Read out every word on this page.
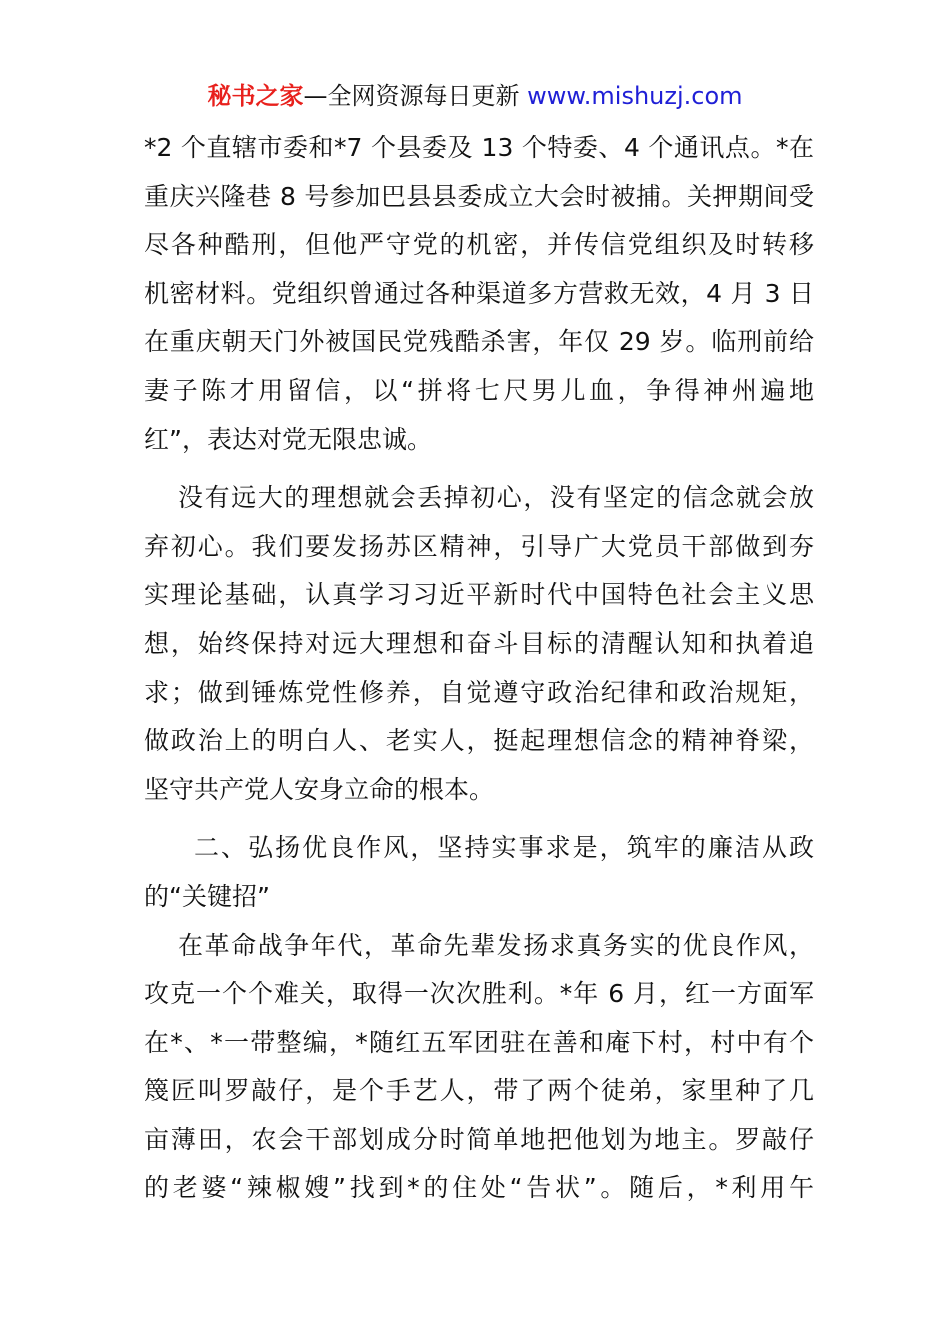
秘书之家—全网资源每日更新 www.mishuzj.com
*2 个直辖市委和*7 个县委及 13 个特委、4 个通讯点。*在
重庆兴隆巷 8 号参加巴县县委成立大会时被捕。关押期间受
尽各种酷刑，但他严守党的机密，并传信党组织及时转移
机密材料。党组织曾通过各种渠道多方营救无效，4 月 3 日
在重庆朝天门外被国民党残酷杀害，年仅 29 岁。临刑前给
妻子陈才用留信，以“拼将七尺男儿血，争得神州遍地
红”，表达对党无限忠诚。
没有远大的理想就会丢掉初心，没有坚定的信念就会放
弃初心。我们要发扬苏区精神，引导广大党员干部做到夯
实理论基础，认真学习习近平新时代中国特色社会主义思
想，始终保持对远大理想和奋斗目标的清醒认知和执着追
求；做到锤炼党性修养，自觉遵守政治纪律和政治规矩，
做政治上的明白人、老实人，挺起理想信念的精神脊梁，
坚守共产党人安身立命的根本。
二、弘扬优良作风，坚持实事求是，筑牢的廉洁从政
的“关键招”
在革命战争年代，革命先辈发扬求真务实的优良作风，
攻克一个个难关，取得一次次胜利。*年 6 月，红一方面军
在*、*一带整编，*随红五军团驻在善和庵下村，村中有个
篾匠叫罗敲仔，是个手艺人，带了两个徒弟，家里种了几
亩薄田，农会干部划成分时简单地把他划为地主。罗敲仔
的老婆“辣椒嫂”找到*的住处“告状”。随后，*利用午
